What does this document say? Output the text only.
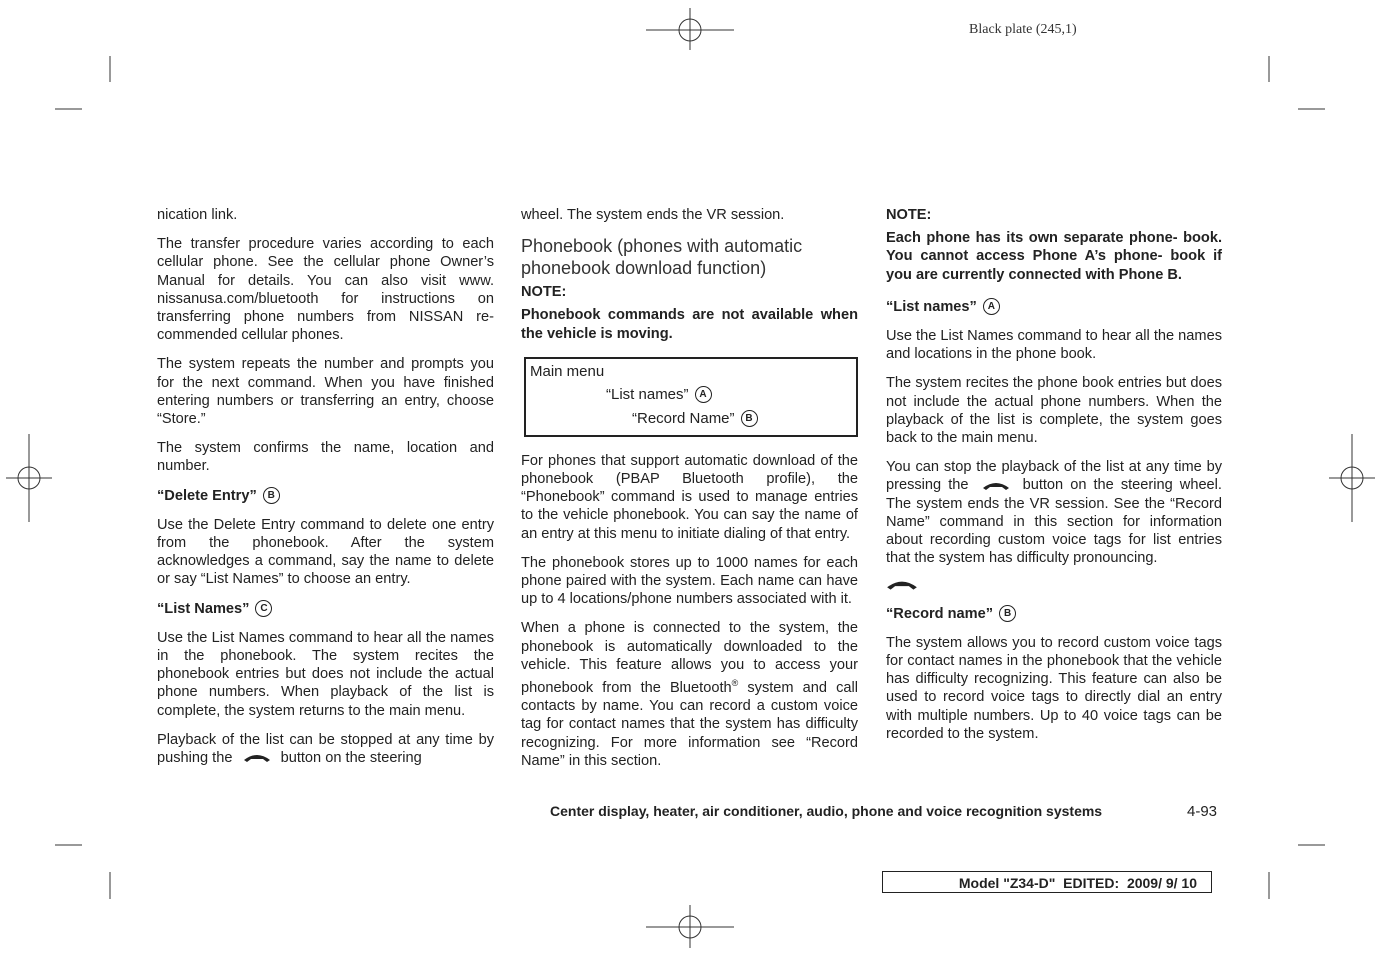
Black plate (245,1)

nication link.

The transfer procedure varies according to each cellular phone. See the cellular phone Owner’s Manual for details. You can also visit www. nissanusa.com/bluetooth for instructions on transferring phone numbers from NISSAN re- commended cellular phones.

The system repeats the number and prompts you for the next command. When you have finished entering numbers or transferring an entry, choose “Store.”

The system confirms the name, location and number.

“Delete Entry” B

Use the Delete Entry command to delete one entry from the phonebook. After the system acknowledges a command, say the name to delete or say “List Names” to choose an entry.

“List Names” C

Use the List Names command to hear all the names in the phonebook. The system recites the phonebook entries but does not include the actual phone numbers. When playback of the list is complete, the system returns to the main menu.

Playback of the list can be stopped at any time by pushing the	button on the steering

wheel. The system ends the VR session.

Phonebook (phones with automatic phonebook download function)
NOTE:
Phonebook commands are not available when the vehicle is moving.
Main menu
“List names” A
“Record Name” B

For phones that support automatic download of the phonebook (PBAP Bluetooth profile), the “Phonebook” command is used to manage entries to the vehicle phonebook. You can say the name of an entry at this menu to initiate dialing of that entry.

The phonebook stores up to 1000 names for each phone paired with the system. Each name can have up to 4 locations/phone numbers associated with it.

When a phone is connected to the system, the phonebook is automatically downloaded to the vehicle. This feature allows you to access your phonebook from the Bluetooth® system and call contacts by name. You can record a custom voice tag for contact names that the system has difficulty recognizing. For more information see “Record Name” in this section.

NOTE:
Each phone has its own separate phone- book. You cannot access Phone A’s phone- book if you are currently connected with Phone B.
“List names” A

Use the List Names command to hear all the names and locations in the phone book.

The system recites the phone book entries but does not include the actual phone numbers. When the playback of the list is complete, the system goes back to the main menu.

You can stop the playback of the list at any time by pressing the	button on the steering wheel. The system ends the VR session. See the “Record Name” command in this section for information about recording custom voice tags for list entries that the system has difficulty pronouncing.

“Record name” B

The system allows you to record custom voice tags for contact names in the phonebook that the vehicle has difficulty recognizing. This feature can also be used to record voice tags to directly dial an entry with multiple numbers. Up to 40 voice tags can be recorded to the system.

Center display, heater, air conditioner, audio, phone and voice recognition systems	4-93
Model "Z34-D" EDITED: 2009/ 9/ 10
